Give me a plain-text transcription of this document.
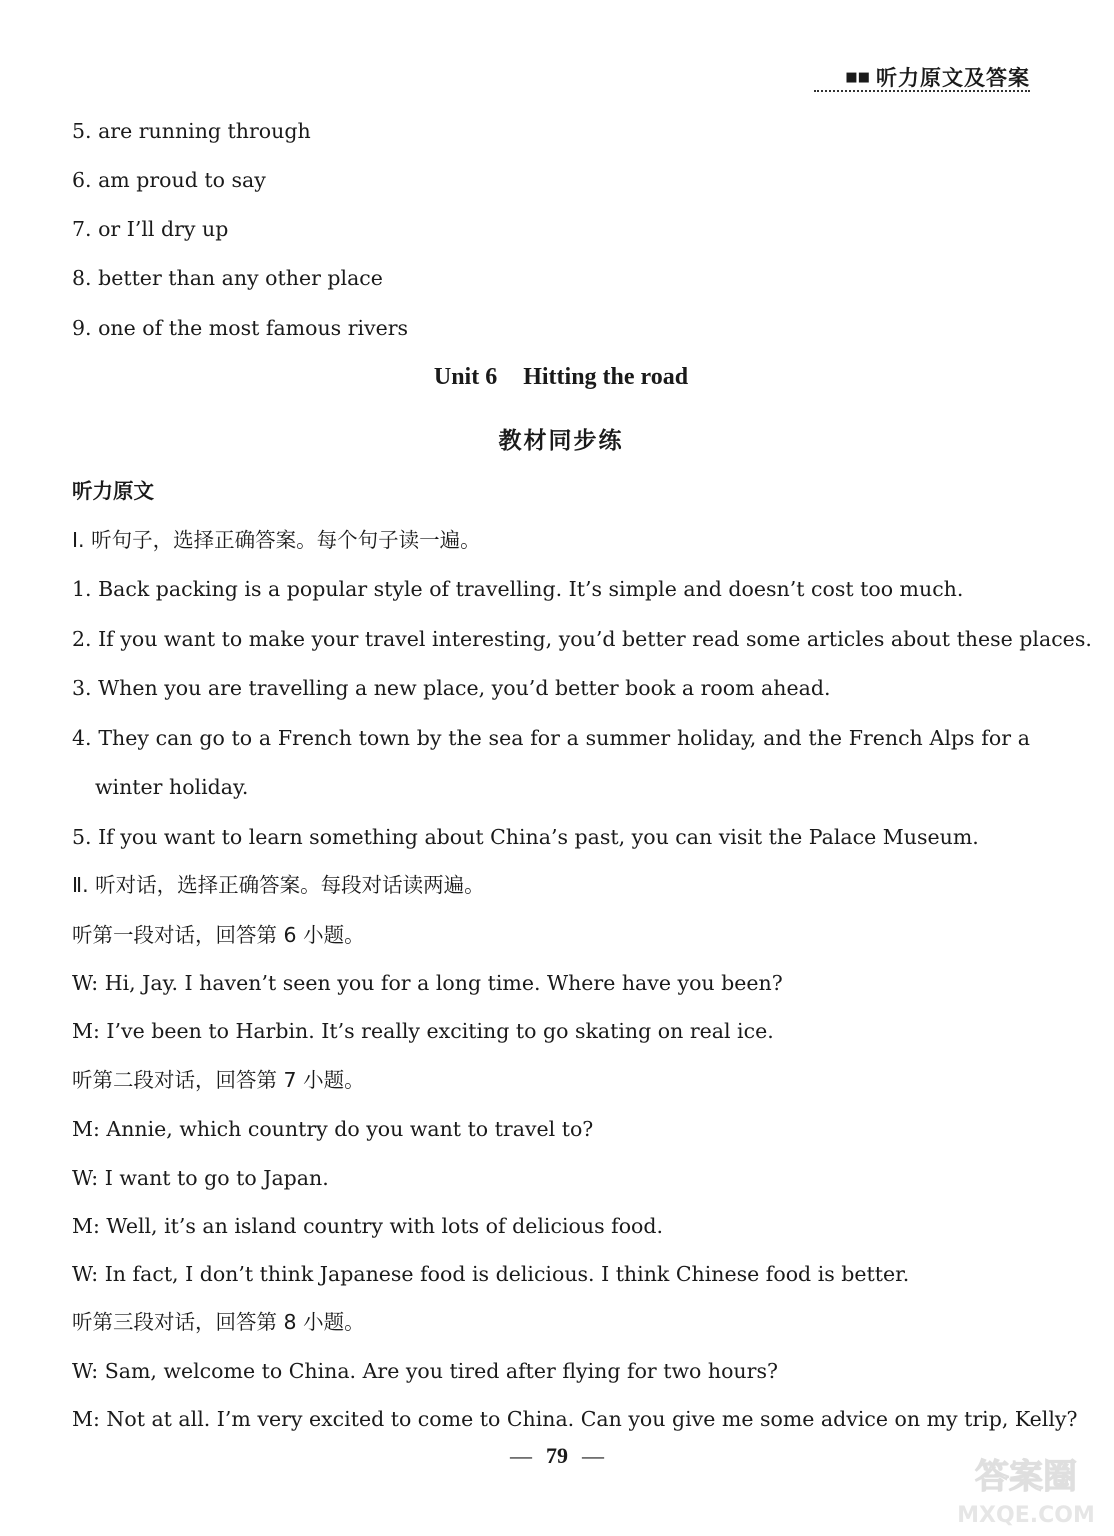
■■ 听力原文及答案
5. are running through
6. am proud to say
7. or I’ll dry up
8. better than any other place
9. one of the most famous rivers
Unit 6 Hitting the road
教材同步练
听力原文
Ⅰ. 听句子，选择正确答案。每个句子读一遍。
1. Back packing is a popular style of travelling. It’s simple and doesn’t cost too much.
2. If you want to make your travel interesting, you’d better read some articles about these places.
3. When you are travelling a new place, you’d better book a room ahead.
4. They can go to a French town by the sea for a summer holiday, and the French Alps for a
winter holiday.
5. If you want to learn something about China’s past, you can visit the Palace Museum.
Ⅱ. 听对话，选择正确答案。每段对话读两遍。
听第一段对话，回答第 6 小题。
W: Hi, Jay. I haven’t seen you for a long time. Where have you been?
M: I’ve been to Harbin. It’s really exciting to go skating on real ice.
听第二段对话，回答第 7 小题。
M: Annie, which country do you want to travel to?
W: I want to go to Japan.
M: Well, it’s an island country with lots of delicious food.
W: In fact, I don’t think Japanese food is delicious. I think Chinese food is better.
听第三段对话，回答第 8 小题。
W: Sam, welcome to China. Are you tired after flying for two hours?
M: Not at all. I’m very excited to come to China. Can you give me some advice on my trip, Kelly?
— 79 —
答案圈
MXQE.COM
